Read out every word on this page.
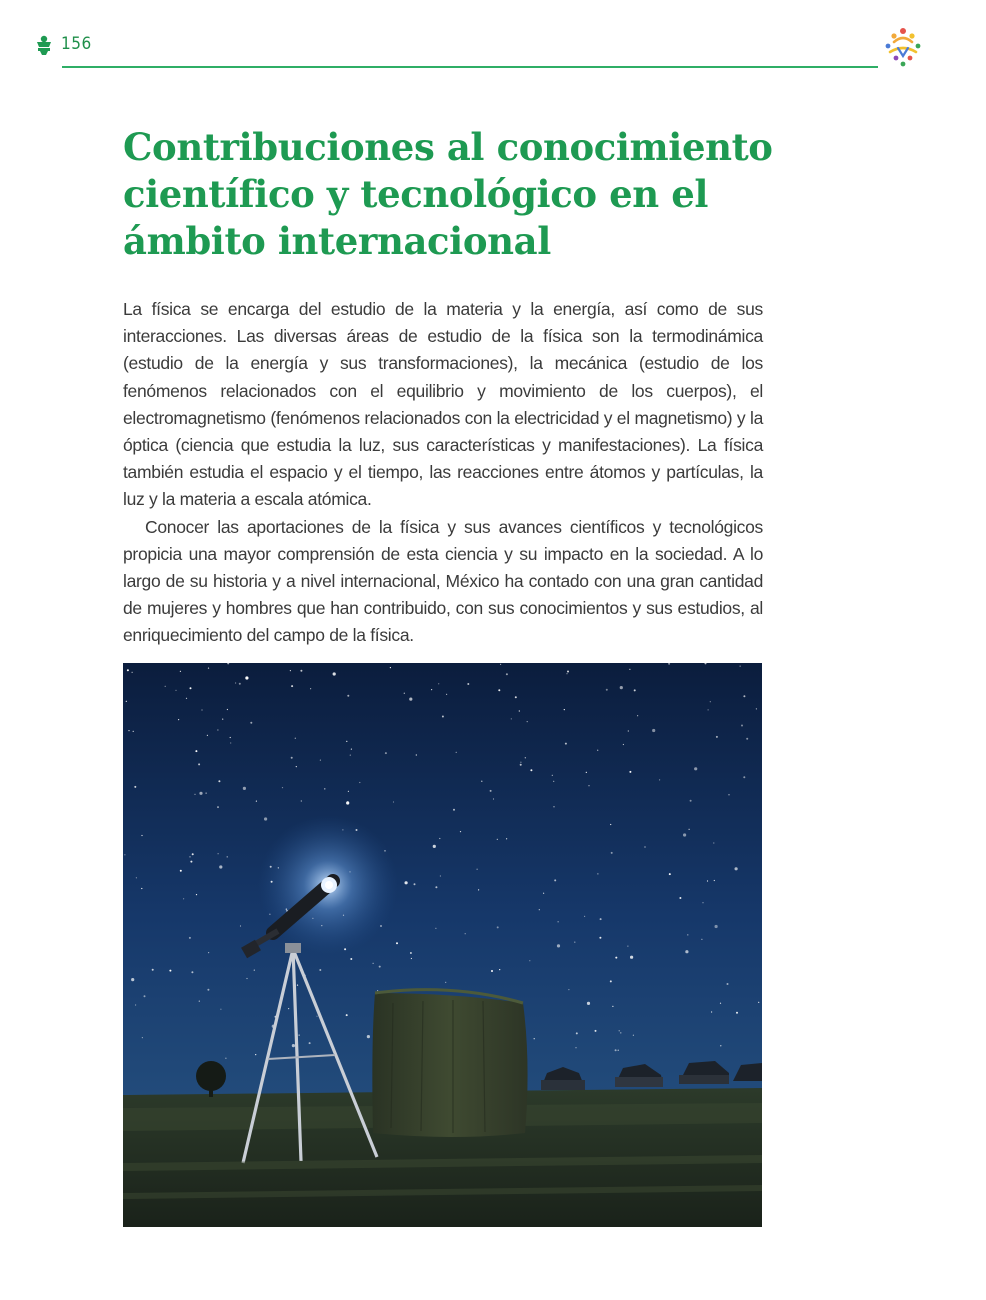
156
Contribuciones al conocimiento científico y tecnológico en el ámbito internacional

La física se encarga del estudio de la materia y la energía, así como de sus interacciones. Las diversas áreas de estudio de la física son la termodinámica (estudio de la energía y sus transformaciones), la mecánica (estudio de los fenómenos relacionados con el equilibrio y movimiento de los cuerpos), el electromagnetismo (fenómenos relacionados con la electricidad y el magnetismo) y la óptica (ciencia que estudia la luz, sus características y manifestaciones). La física también estudia el espacio y el tiempo, las reacciones entre átomos y partículas, la luz y la materia a escala atómica.

Conocer las aportaciones de la física y sus avances científicos y tecnológicos propicia una mayor comprensión de esta ciencia y su impacto en la sociedad. A lo largo de su historia y a nivel internacional, México ha contado con una gran cantidad de mujeres y hombres que han contribuido, con sus conocimientos y sus estudios, al enriquecimiento del campo de la física.
